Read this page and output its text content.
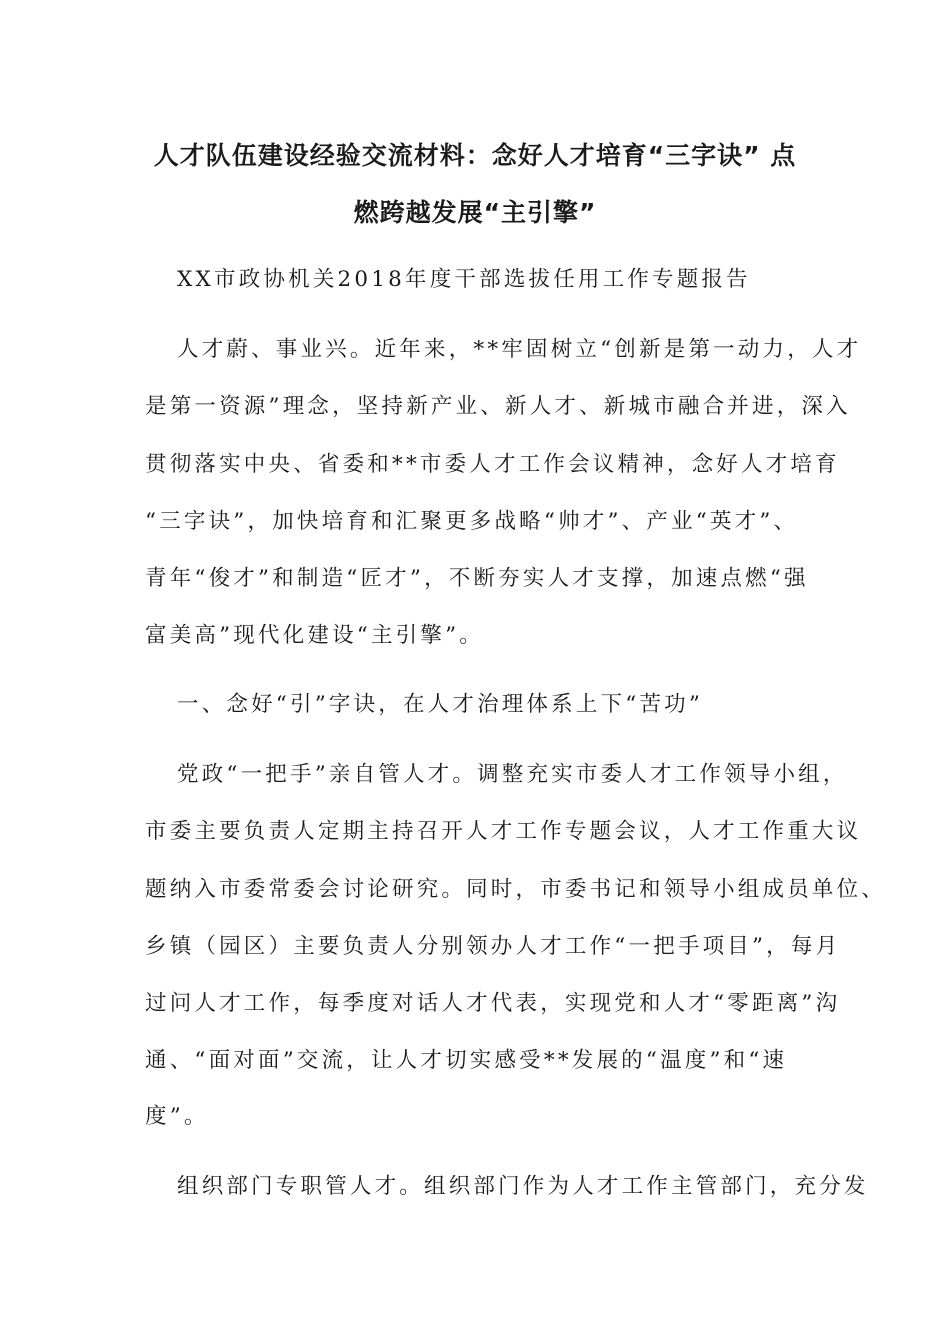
人才队伍建设经验交流材料：念好人才培育“三字诀” 点
燃跨越发展“主引擎”
XX市政协机关2018年度干部选拔任用工作专题报告
人才蔚、事业兴。近年来，**牢固树立“创新是第一动力，人才
是第一资源”理念，坚持新产业、新人才、新城市融合并进，深入
贯彻落实中央、省委和**市委人才工作会议精神，念好人才培育
“三字诀”，加快培育和汇聚更多战略“帅才”、产业“英才”、
青年“俊才”和制造“匠才”，不断夯实人才支撑，加速点燃“强
富美高”现代化建设“主引擎”。
一、念好“引”字诀，在人才治理体系上下“苦功”
党政“一把手”亲自管人才。调整充实市委人才工作领导小组，
市委主要负责人定期主持召开人才工作专题会议，人才工作重大议
题纳入市委常委会讨论研究。同时，市委书记和领导小组成员单位、
乡镇（园区）主要负责人分别领办人才工作“一把手项目”，每月
过问人才工作，每季度对话人才代表，实现党和人才“零距离”沟
通、“面对面”交流，让人才切实感受**发展的“温度”和“速
度”。
组织部门专职管人才。组织部门作为人才工作主管部门，充分发
